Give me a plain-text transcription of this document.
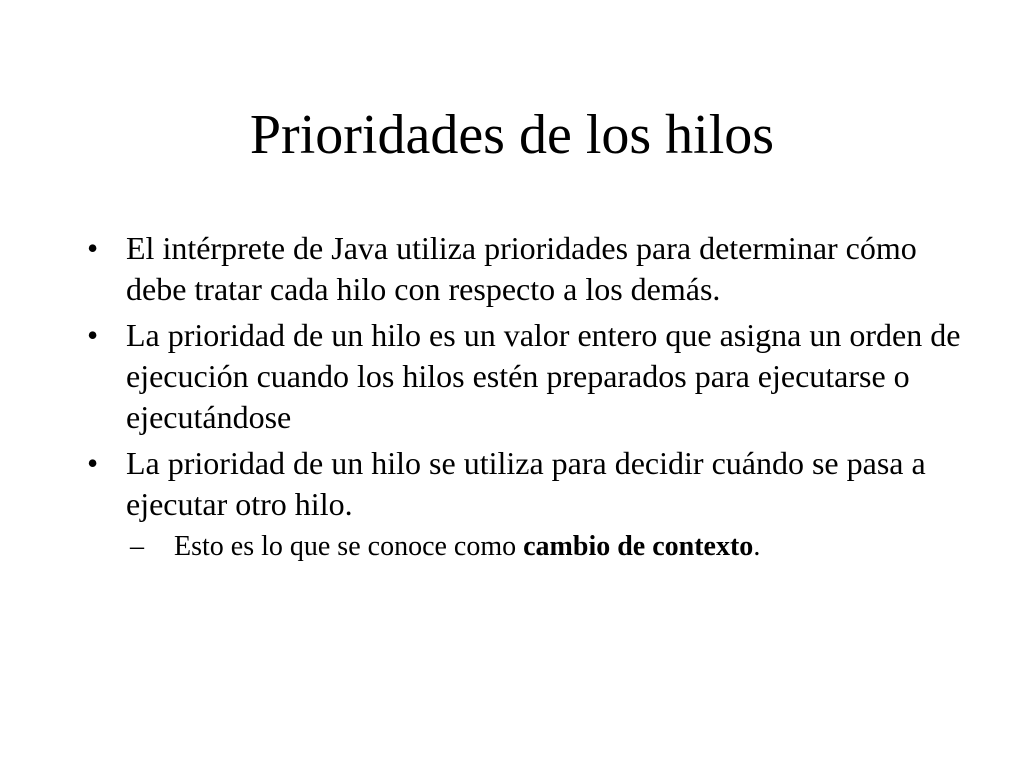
Prioridades de los hilos
• El intérprete de Java utiliza prioridades para determinar cómo debe tratar cada hilo con respecto a los demás.
• La prioridad de un hilo es un valor entero que asigna un orden de ejecución cuando los hilos estén preparados para ejecutarse o ejecutándose
• La prioridad de un hilo se utiliza para decidir cuándo se pasa a ejecutar otro hilo.
– Esto es lo que se conoce como cambio de contexto.
